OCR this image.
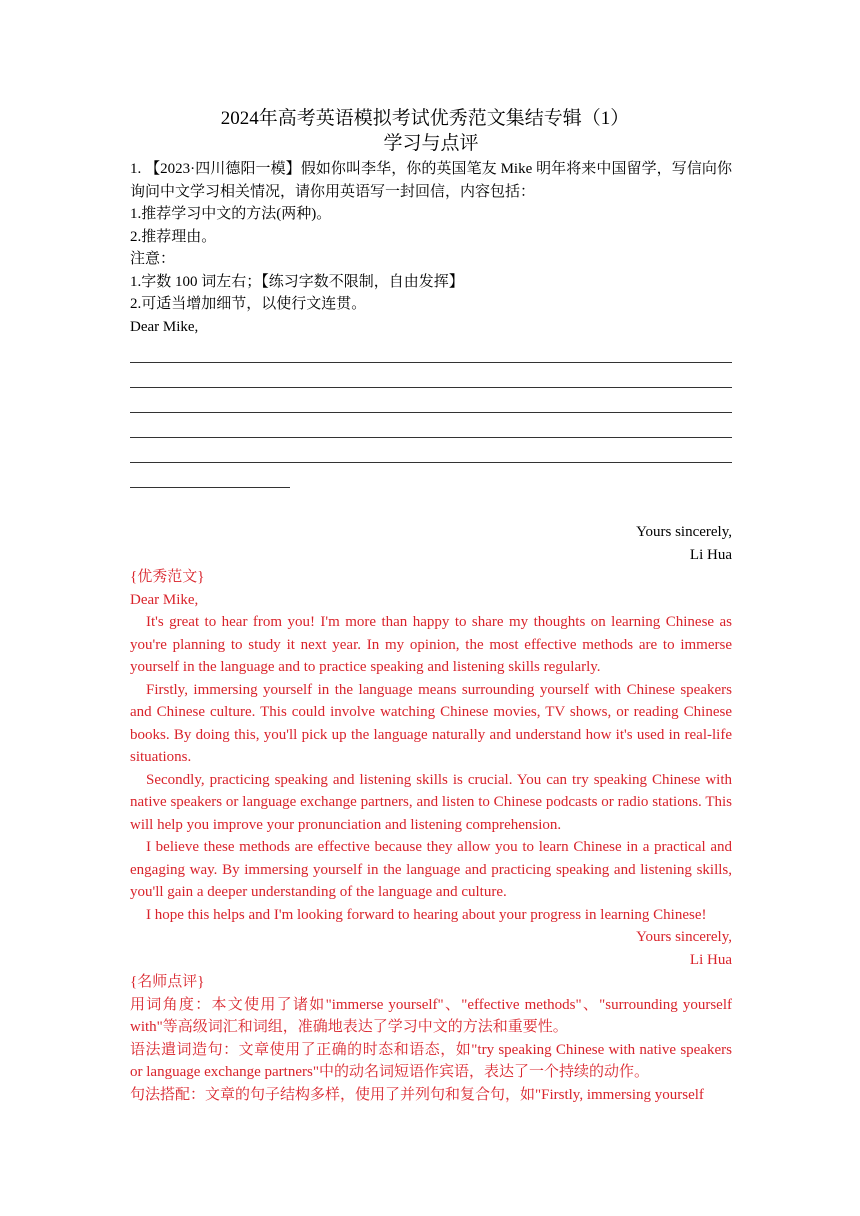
2024年高考英语模拟考试优秀范文集结专辑（1）
学习与点评

1. 【2023·四川德阳一模】假如你叫李华，你的英国笔友 Mike 明年将来中国留学，写信向你询问中文学习相关情况，请你用英语写一封回信，内容包括：

1.推荐学习中文的方法(两种)。

2.推荐理由。

注意：

1.字数 100 词左右；【练习字数不限制，自由发挥】

2.可适当增加细节，以使行文连贯。

Dear Mike,

Yours sincerely,

Li Hua

{优秀范文}

Dear Mike,

It's great to hear from you! I'm more than happy to share my thoughts on learning Chinese as you're planning to study it next year. In my opinion, the most effective methods are to immerse yourself in the language and to practice speaking and listening skills regularly.

Firstly, immersing yourself in the language means surrounding yourself with Chinese speakers and Chinese culture. This could involve watching Chinese movies, TV shows, or reading Chinese books. By doing this, you'll pick up the language naturally and understand how it's used in real-life situations.

Secondly, practicing speaking and listening skills is crucial. You can try speaking Chinese with native speakers or language exchange partners, and listen to Chinese podcasts or radio stations. This will help you improve your pronunciation and listening comprehension.

I believe these methods are effective because they allow you to learn Chinese in a practical and engaging way. By immersing yourself in the language and practicing speaking and listening skills, you'll gain a deeper understanding of the language and culture.

I hope this helps and I'm looking forward to hearing about your progress in learning Chinese!

Yours sincerely,

Li Hua

{名师点评}

用词角度：本文使用了诸如"immerse yourself"、"effective methods"、"surrounding yourself with"等高级词汇和词组，准确地表达了学习中文的方法和重要性。

语法遣词造句：文章使用了正确的时态和语态，如"try speaking Chinese with native speakers or language exchange partners"中的动名词短语作宾语，表达了一个持续的动作。

句法搭配：文章的句子结构多样，使用了并列句和复合句，如"Firstly, immersing yourself
